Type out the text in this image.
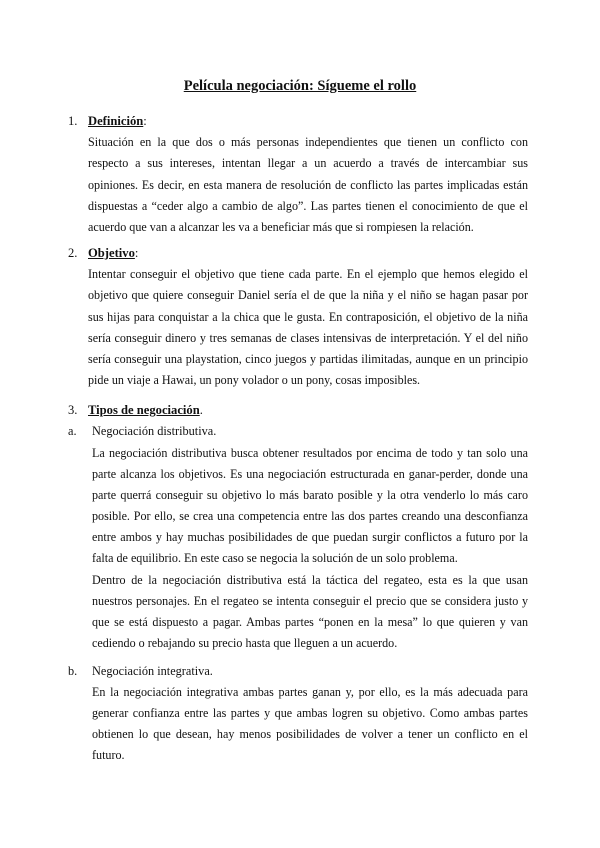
Película negociación: Sígueme el rollo
1. Definición:

Situación en la que dos o más personas independientes que tienen un conflicto con respecto a sus intereses, intentan llegar a un acuerdo a través de intercambiar sus opiniones. Es decir, en esta manera de resolución de conflicto las partes implicadas están dispuestas a “ceder algo a cambio de algo”. Las partes tienen el conocimiento de que el acuerdo que van a alcanzar les va a beneficiar más que si rompiesen la relación.

2. Objetivo:

Intentar conseguir el objetivo que tiene cada parte. En el ejemplo que hemos elegido el objetivo que quiere conseguir Daniel sería el de que la niña y el niño se hagan pasar por sus hijas para conquistar a la chica que le gusta. En contraposición, el objetivo de la niña sería conseguir dinero y tres semanas de clases intensivas de interpretación. Y el del niño sería conseguir una playstation, cinco juegos y partidas ilimitadas, aunque en un principio pide un viaje a Hawai, un pony volador o un pony, cosas imposibles.

3. Tipos de negociación.
a. Negociación distributiva.

La negociación distributiva busca obtener resultados por encima de todo y tan solo una parte alcanza los objetivos. Es una negociación estructurada en ganar-perder, donde una parte querrá conseguir su objetivo lo más barato posible y la otra venderlo lo más caro posible. Por ello, se crea una competencia entre las dos partes creando una desconfianza entre ambos y hay muchas posibilidades de que puedan surgir conflictos a futuro por la falta de equilibrio. En este caso se negocia la solución de un solo problema.

Dentro de la negociación distributiva está la táctica del regateo, esta es la que usan nuestros personajes. En el regateo se intenta conseguir el precio que se considera justo y que se está dispuesto a pagar. Ambas partes “ponen en la mesa” lo que quieren y van cediendo o rebajando su precio hasta que lleguen a un acuerdo.

b. Negociación integrativa.

En la negociación integrativa ambas partes ganan y, por ello, es la más adecuada para generar confianza entre las partes y que ambas logren su objetivo. Como ambas partes obtienen lo que desean, hay menos posibilidades de volver a tener un conflicto en el futuro.
